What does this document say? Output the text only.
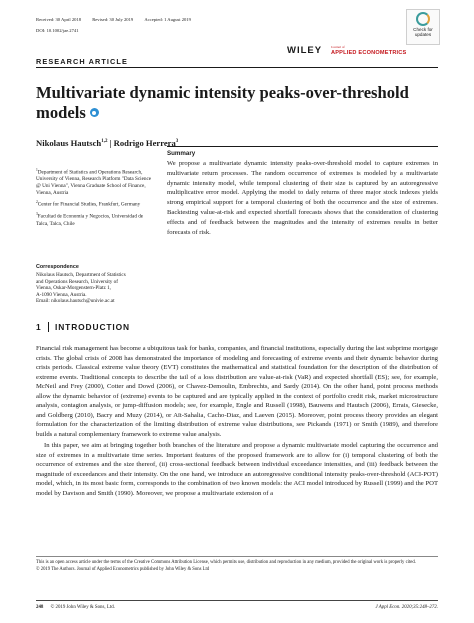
Received: 30 April 2018 Revised: 30 July 2019 Accepted: 1 August 2019
DOI: 10.1002/jae.2741
RESEARCH ARTICLE
WILEY	Journal of
APPLIED ECONOMETRICS
Check for updates
Multivariate dynamic intensity peaks-over-threshold models
Nikolaus Hautsch$^{1,2}$ | Rodrigo Herrera$^3$

$^1$Department of Statistics and Operations Research, University of Vienna, Research Platform "Data Science @ Uni Vienna", Vienna Graduate School of Finance, Vienna, Austria

$^2$Center for Financial Studies, Frankfurt, Germany

$^3$Facultad de Economía y Negocios, Universidad de Talca, Talca, Chile

Correspondence
Nikolaus Hautsch, Department of Statistics
and Operations Research, University of
Vienna, Oskar-Morgenstern-Platz 1,
A-1090 Vienna, Austria.
Email: nikolaus.hautsch@univie.ac.at
Summary
We propose a multivariate dynamic intensity peaks-over-threshold model to capture extremes in multivariate return processes. The random occurrence of extremes is modeled by a multivariate dynamic intensity model, while temporal clustering of their size is captured by an autoregressive multiplicative error model. Applying the model to daily returns of three major stock indexes yields strong empirical support for a temporal clustering of both the occurrence and the size of extremes. Backtesting value-at-risk and expected shortfall forecasts shows that the consideration of clustering effects and of feedback between the magnitudes and the intensity of extremes results in better forecasts of risk.
1 INTRODUCTION

Financial risk management has become a ubiquitous task for banks, companies, and financial institutions, especially during the last subprime mortgage crisis. The global crisis of 2008 has demonstrated the importance of modeling and forecasting of extreme events and their dynamic behavior during crisis periods. Classical extreme value theory (EVT) constitutes the mathematical and statistical foundation for the description of the distribution of extreme events. Traditional concepts to describe the tail of a loss distribution are value-at-risk (VaR) and expected shortfall (ES); see, for example, McNeil and Frey (2000), Cotter and Dowd (2006), or Chavez-Demoulin, Embrechts, and Sardy (2014). On the other hand, point process methods allow the dynamic behavior of (extreme) events to be captured and are typically applied in the context of portfolio credit risk, market microstructure analysis, contagion analysis, or jump-diffusion models; see, for example, Engle and Russell (1998), Bauwens and Hautsch (2006), Errais, Giesecke, and Goldberg (2010), Bacry and Muzy (2014), or Aït-Sahalia, Cacho-Diaz, and Laeven (2015). Moreover, point process theory provides an elegant formulation for the characterization of the limiting distribution of extreme value distributions, see Pickands (1971) or Smith (1989), and therefore builds a natural complementary framework to extreme value analysis.

In this paper, we aim at bringing together both branches of the literature and propose a dynamic multivariate model capturing the occurrence and size of extremes in a multivariate time series. Important features of the proposed framework are to allow for (i) temporal clustering of both the occurrence of extremes and the size thereof, (ii) cross-sectional feedback between individual exceedance intensities, and (iii) feedback between the magnitude of exceedances and their intensity. On the one hand, we introduce an autoregressive conditional intensity peaks-over-threshold (ACI-POT) model, which, in its most basic form, corresponds to the combination of two known models: the ACI model introduced by Russell (1999) and the POT model by Davison and Smith (1990). Moreover, we propose a multivariate extension of a

This is an open access article under the terms of the Creative Commons Attribution License, which permits use, distribution and reproduction in any medium, provided the original work is properly cited.
© 2019 The Authors. Journal of Applied Econometrics published by John Wiley & Sons Ltd
248 © 2019 John Wiley & Sons, Ltd.	J Appl Econ. 2020;35:248–272.
